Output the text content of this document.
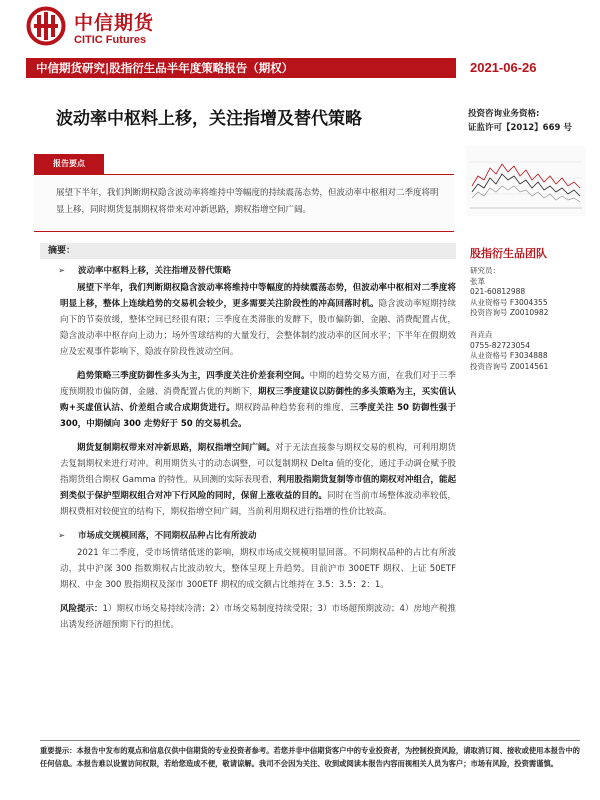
中信期货
CITIC Futures
中信期货研究|股指衍生品半年度策略报告（期权）	2021-06-26
波动率中枢料上移，关注指增及替代策略	投资咨询业务资格:
证监许可【2012】669 号
报告要点
展望下半年，我们判断期权隐含波动率将维持中等幅度的持续震荡态势，但波动率中枢相对二季度将明显上移，同时期货复制期权将带来对冲新思路，期权指增空间广阔。
摘要：	股指衍生品团队
研究员：
张革
021-60812988
从业资格号 F3004355
投资咨询号 Z0010982
肖垚垚
0755-82723054
从业资格号 F3034888
投资咨询号 Z0014561
➢ 波动率中枢料上移，关注指增及替代策略

展望下半年，我们判断期权隐含波动率将维持中等幅度的持续震荡态势，但波动率中枢相对二季度将明显上移，整体上连续趋势的交易机会较少，更多需要关注阶段性的冲高回落时机。隐含波动率短期持续向下的节奏放缓，整体空间已经很有限；三季度在类滞胀的发酵下，股市偏防御，金融、消费配置占优，隐含波动率中枢存向上动力；场外雪球结构的大量发行，会整体制约波动率的区间水平；下半年在假期效应及宏观事件影响下，隐波存阶段性波动空间。

趋势策略三季度防御性多头为主，四季度关注价差套利空间。中期的趋势交易方面，在我们对于三季度预期股市偏防御，金融、消费配置占优的判断下，期权三季度建议以防御性的多头策略为主，买实值认购+买虚值认沽、价差组合或合成期货进行。期权跨品种趋势套利的维度，三季度关注 50 防御性强于 300，中期倾向 300 走势好于 50 的交易机会。

期货复制期权带来对冲新思路，期权指增空间广阔。对于无法直接参与期权交易的机构，可利用期货去复制期权来进行对冲。利用期货头寸的动态调整，可以复制期权 Delta 值的变化，通过手动调仓赋予股指期货组合期权 Gamma 的特性。从回测的实际表现看，利用股指期货复制等市值的期权对冲组合，能起到类似于保护型期权组合对冲下行风险的同时，保留上涨收益的目的。同时在当前市场整体波动率较低，期权费相对较便宜的结构下，期权指增空间广阔，当前利用期权进行指增的性价比较高。

➢ 市场成交规模回落，不同期权品种占比有所波动

2021 年二季度，受市场情绪低迷的影响，期权市场成交规模明显回落。不同期权品种的占比有所波动，其中沪深 300 指数期权占比波动较大，整体呈现上升趋势。目前沪市 300ETF 期权、上证 50ETF 期权、中金 300 股指期权及深市 300ETF 期权的成交额占比维持在 3.5：3.5：2：1。

风险提示：1）期权市场交易持续冷清；2）市场交易制度持续受限；3）市场超预期波动；4）房地产税推出诱发经济超预期下行的担忧。

重要提示：本报告中发布的观点和信息仅供中信期货的专业投资者参考。若您并非中信期货客户中的专业投资者，为控制投资风险，请取消订阅、接收或使用本报告中的任何信息。本报告难以设置访问权限，若给您造成不便，敬请谅解。我司不会因为关注、收到或阅读本报告内容而视相关人员为客户；市场有风险，投资需谨慎。
